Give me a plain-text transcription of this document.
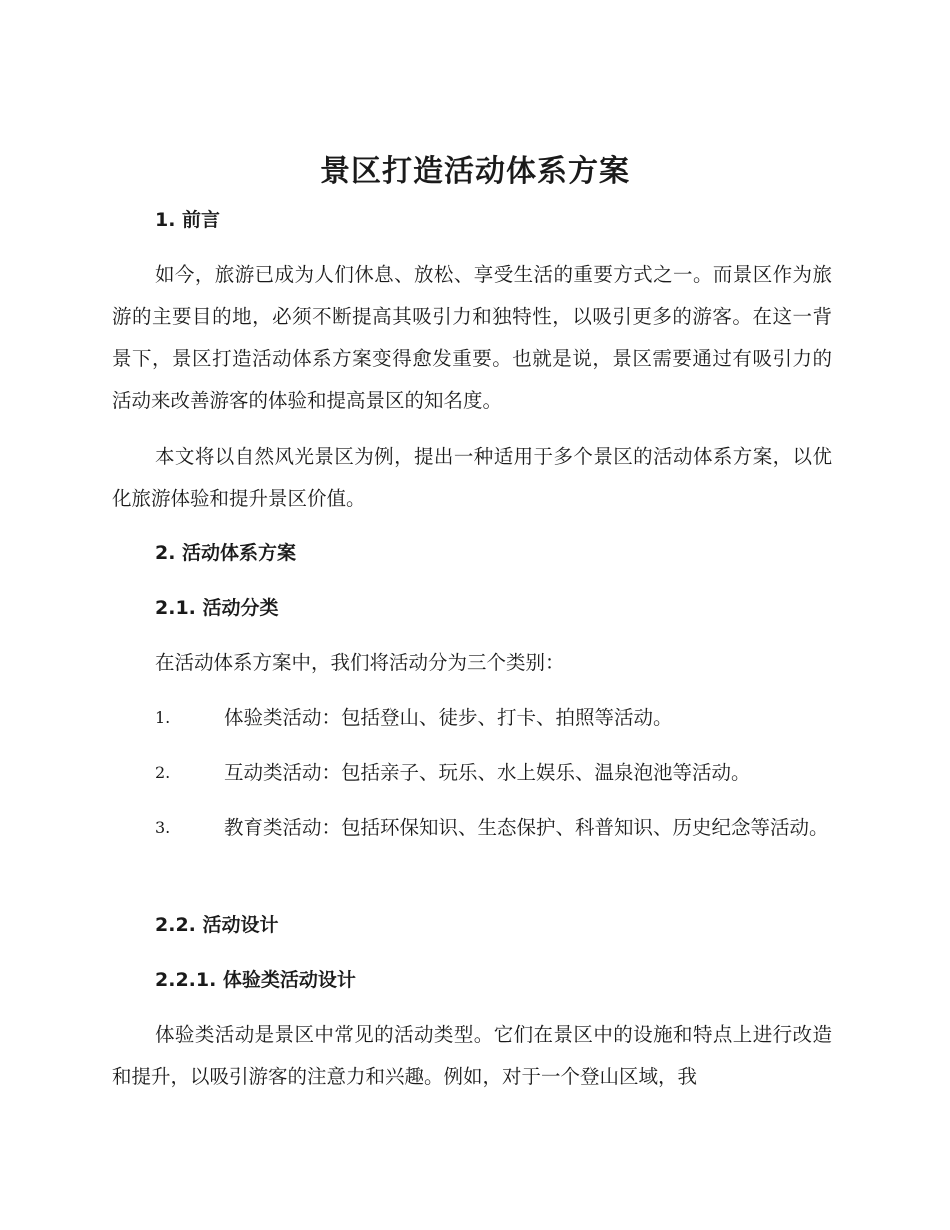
景区打造活动体系方案
1. 前言

如今，旅游已成为人们休息、放松、享受生活的重要方式之一。而景区作为旅游的主要目的地，必须不断提高其吸引力和独特性，以吸引更多的游客。在这一背景下，景区打造活动体系方案变得愈发重要。也就是说，景区需要通过有吸引力的活动来改善游客的体验和提高景区的知名度。

本文将以自然风光景区为例，提出一种适用于多个景区的活动体系方案，以优化旅游体验和提升景区价值。

2. 活动体系方案
2.1. 活动分类

在活动体系方案中，我们将活动分为三个类别：

1.	体验类活动：包括登山、徒步、打卡、拍照等活动。
2.	互动类活动：包括亲子、玩乐、水上娱乐、温泉泡池等活动。
3.	教育类活动：包括环保知识、生态保护、科普知识、历史纪念等活动。
2.2. 活动设计
2.2.1. 体验类活动设计

体验类活动是景区中常见的活动类型。它们在景区中的设施和特点上进行改造和提升，以吸引游客的注意力和兴趣。例如，对于一个登山区域，我
